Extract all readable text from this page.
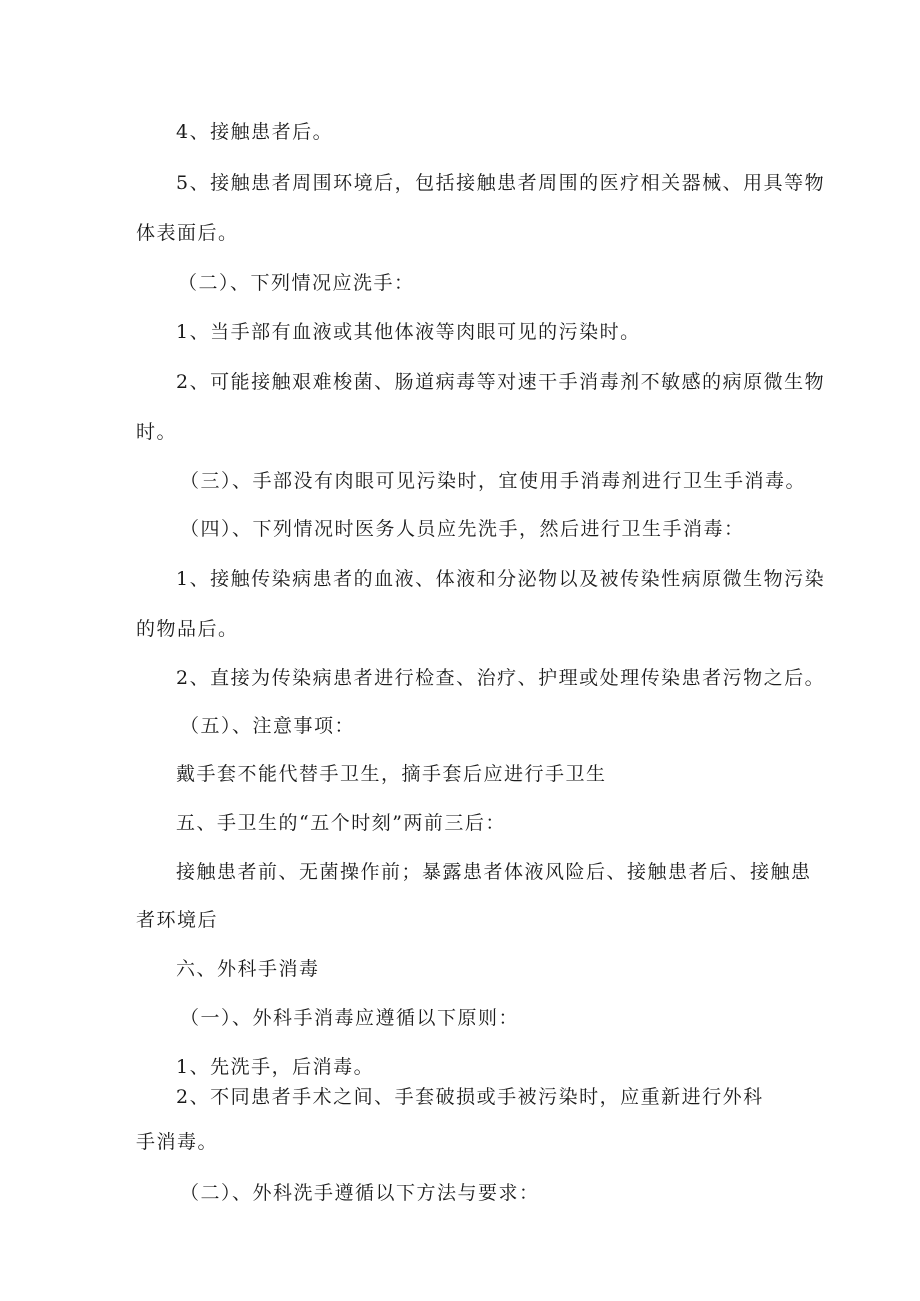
4、接触患者后。
5、接触患者周围环境后，包括接触患者周围的医疗相关器械、用具等物
体表面后。
（二）、下列情况应洗手：
1、当手部有血液或其他体液等肉眼可见的污染时。
2、可能接触艰难梭菌、肠道病毒等对速干手消毒剂不敏感的病原微生物
时。
（三）、手部没有肉眼可见污染时，宜使用手消毒剂进行卫生手消毒。
（四）、下列情况时医务人员应先洗手，然后进行卫生手消毒：
1、接触传染病患者的血液、体液和分泌物以及被传染性病原微生物污染
的物品后。
2、直接为传染病患者进行检查、治疗、护理或处理传染患者污物之后。
（五）、注意事项：
戴手套不能代替手卫生，摘手套后应进行手卫生
五、手卫生的“五个时刻”两前三后：
接触患者前、无菌操作前；暴露患者体液风险后、接触患者后、接触患
者环境后
六、外科手消毒
（一）、外科手消毒应遵循以下原则：
1、先洗手，后消毒。
2、不同患者手术之间、手套破损或手被污染时，应重新进行外科
手消毒。
（二）、外科洗手遵循以下方法与要求：
